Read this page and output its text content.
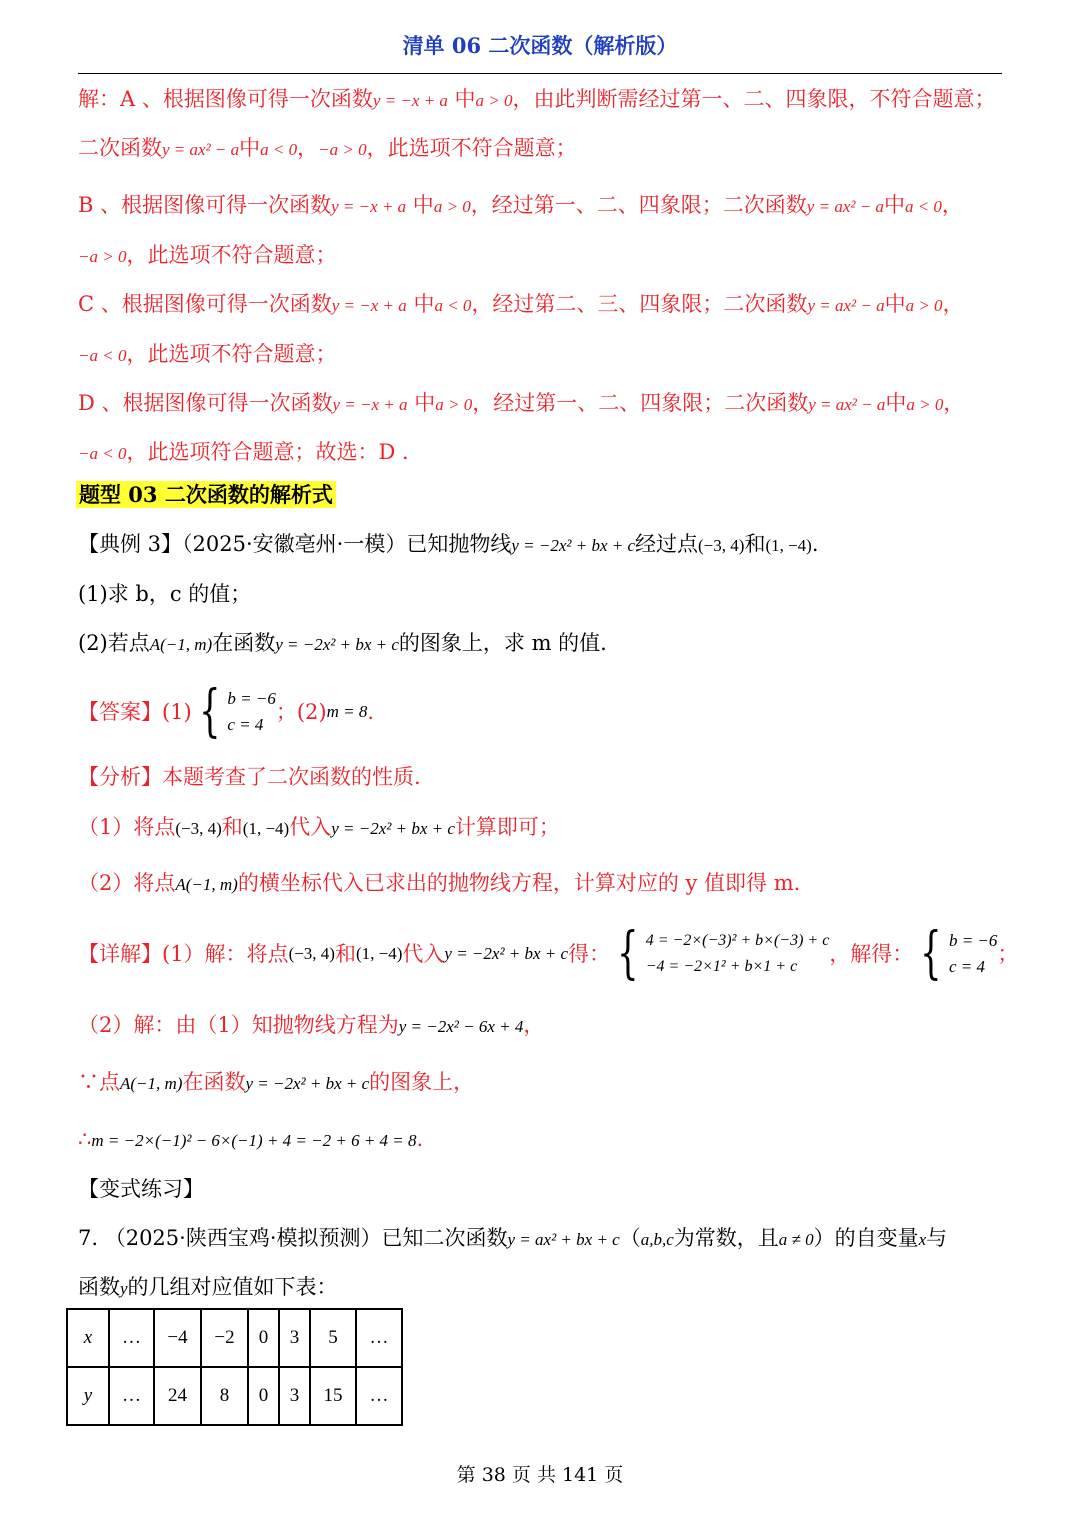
清单 06 二次函数（解析版）
解：A 、根据图像可得一次函数y = −x + a 中a > 0，由此判断需经过第一、二、四象限，不符合题意；
二次函数y = ax² − a中a < 0，−a > 0，此选项不符合题意；
B 、根据图像可得一次函数y = −x + a 中a > 0，经过第一、二、四象限；二次函数y = ax² − a中a < 0，
−a > 0，此选项不符合题意；
C 、根据图像可得一次函数y = −x + a 中a < 0，经过第二、三、四象限；二次函数y = ax² − a中a > 0，
−a < 0，此选项不符合题意；
D 、根据图像可得一次函数y = −x + a 中a > 0，经过第一、二、四象限；二次函数y = ax² − a中a > 0，
−a < 0，此选项符合题意；故选：D .
题型 03 二次函数的解析式
【典例 3】（2025·安徽亳州·一模）已知抛物线y = −2x² + bx + c经过点(−3, 4)和(1, −4).
(1)求 b，c 的值；
(2)若点A(−1, m)在函数y = −2x² + bx + c的图象上，求 m 的值.
【答案】(1) { b = −6
c = 4
；(2)m = 8.
【分析】本题考查了二次函数的性质.
（1）将点(−3, 4)和(1, −4)代入y = −2x² + bx + c计算即可；
（2）将点A(−1, m)的横坐标代入已求出的抛物线方程，计算对应的 y 值即得 m.
【详解】(1）解：将点(−3, 4)和(1, −4)代入y = −2x² + bx + c得： { 4 = −2×(−3)² + b×(−3) + c
−4 = −2×1² + b×1 + c
，解得： { b = −6
c = 4
；
（2）解：由（1）知抛物线方程为y = −2x² − 6x + 4，
∵点A(−1, m)在函数y = −2x² + bx + c的图象上，
∴m = −2×(−1)² − 6×(−1) + 4 = −2 + 6 + 4 = 8.
【变式练习】
7. （2025·陕西宝鸡·模拟预测）已知二次函数y = ax² + bx + c（a,b,c为常数，且a ≠ 0）的自变量x与
函数y的几组对应值如下表：
x	…	−4	−2	0	3	5	…
y	…	24	8	0	3	15	…
第 38 页 共 141 页
